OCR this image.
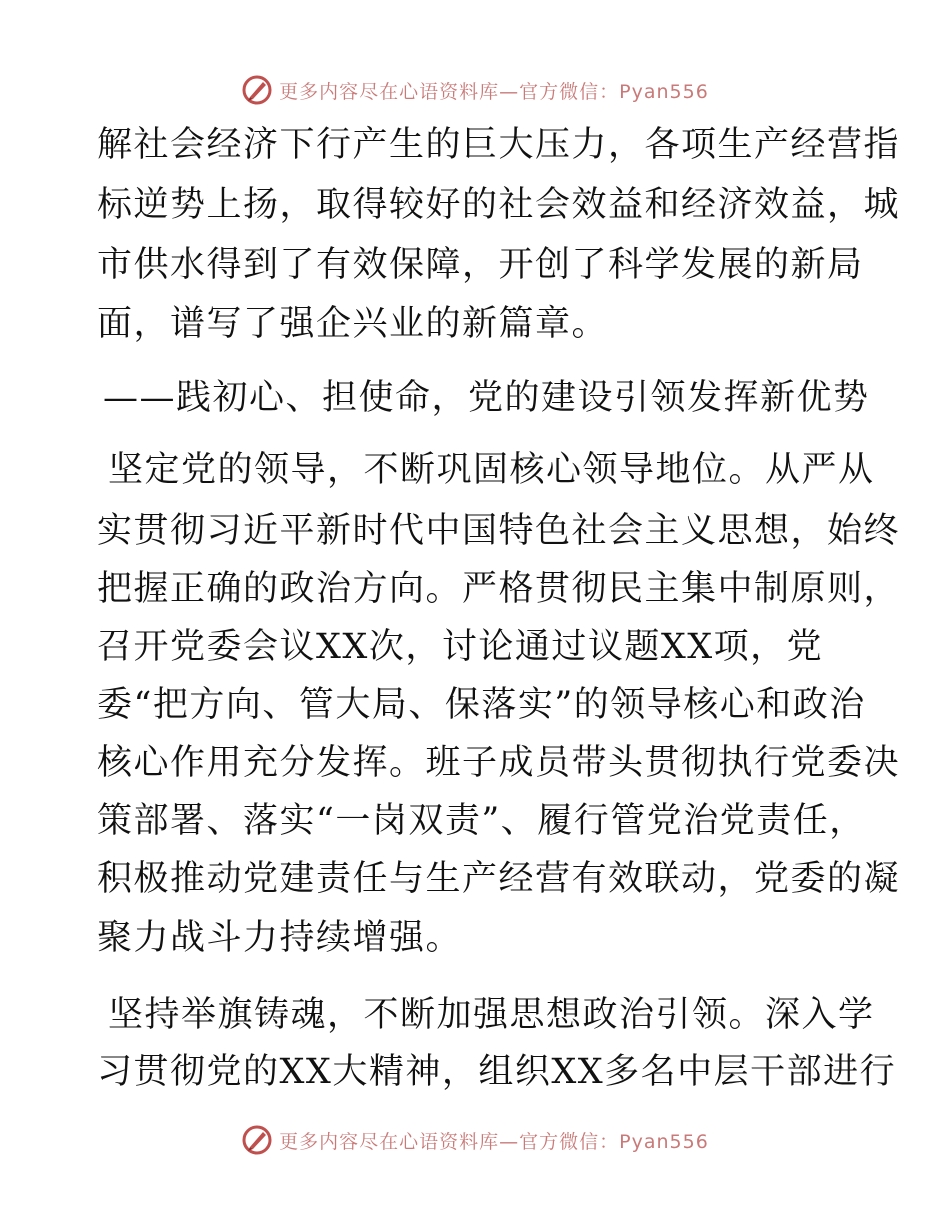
更多内容尽在心语资料库—官方微信：Pyan556
解社会经济下行产生的巨大压力，各项生产经营指
标逆势上扬，取得较好的社会效益和经济效益，城
市供水得到了有效保障，开创了科学发展的新局
面，谱写了强企兴业的新篇章。
——践初心、担使命，党的建设引领发挥新优势
坚定党的领导，不断巩固核心领导地位。从严从
实贯彻习近平新时代中国特色社会主义思想，始终
把握正确的政治方向。严格贯彻民主集中制原则，
召开党委会议XX次，讨论通过议题XX项，党
委“把方向、管大局、保落实”的领导核心和政治
核心作用充分发挥。班子成员带头贯彻执行党委决
策部署、落实“一岗双责”、履行管党治党责任，
积极推动党建责任与生产经营有效联动，党委的凝
聚力战斗力持续增强。
坚持举旗铸魂，不断加强思想政治引领。深入学
习贯彻党的XX大精神，组织XX多名中层干部进行
更多内容尽在心语资料库—官方微信：Pyan556
